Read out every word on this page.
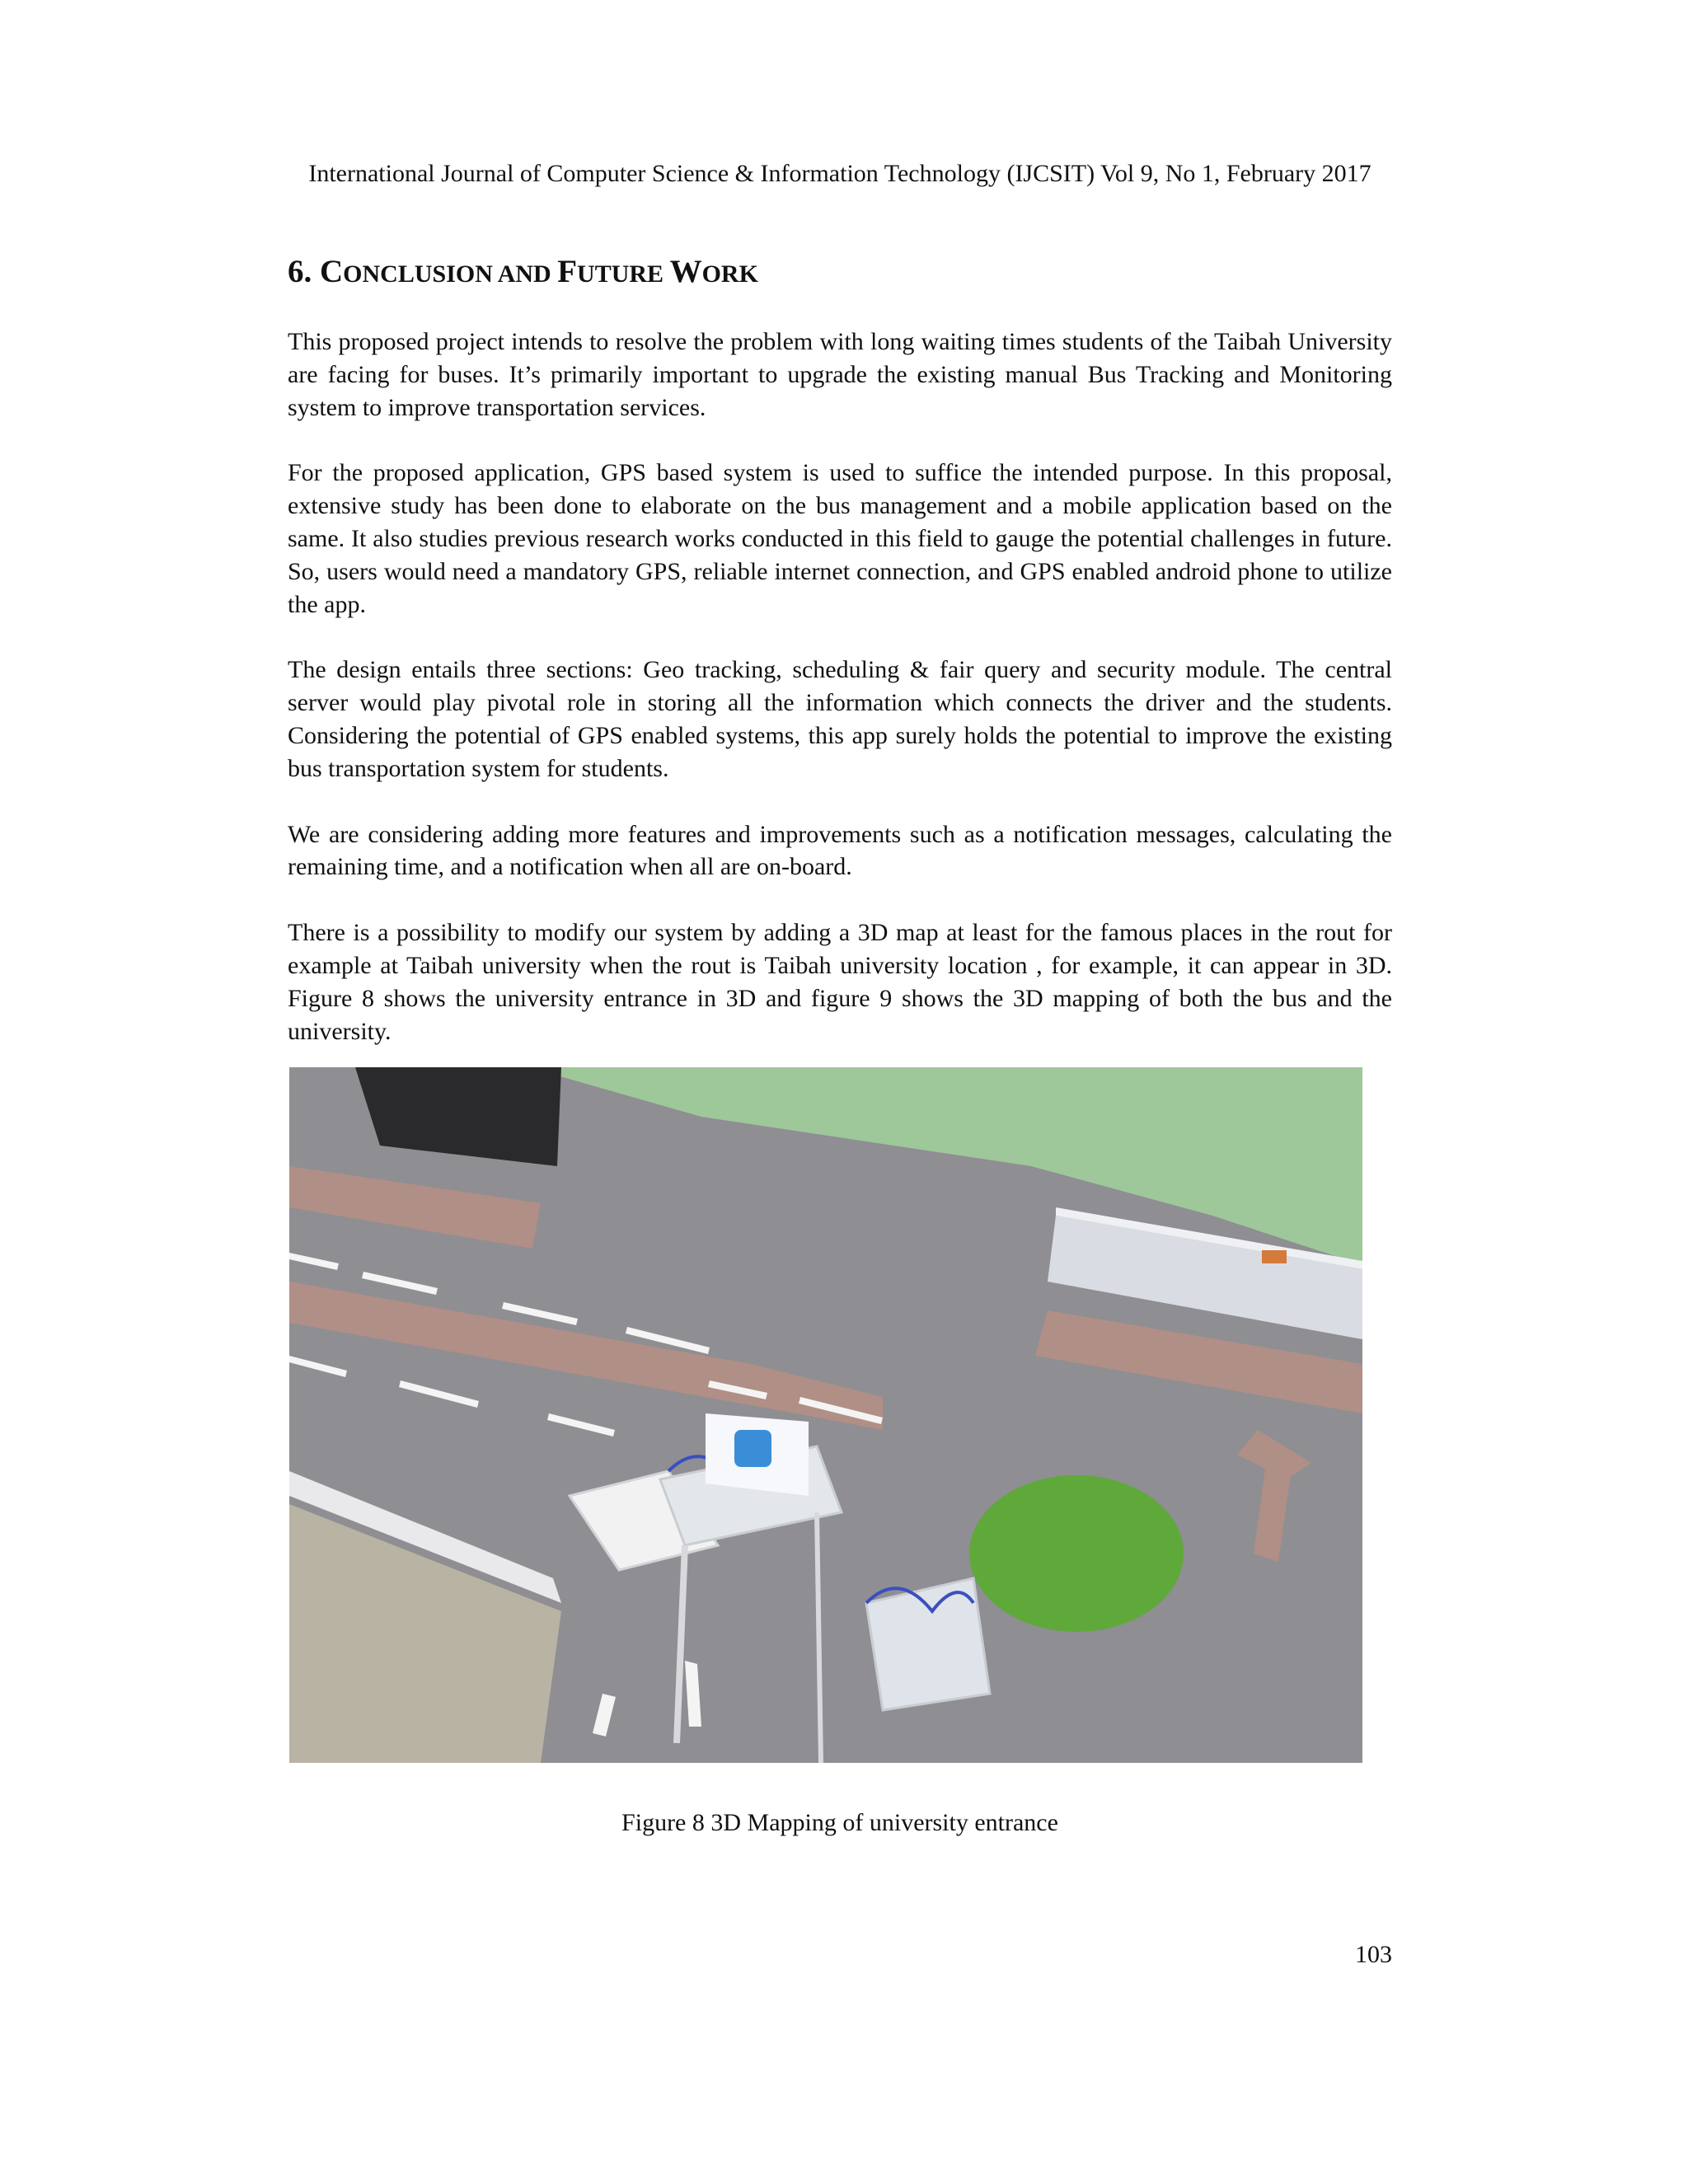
International Journal of Computer Science & Information Technology (IJCSIT) Vol 9, No 1, February 2017
6. CONCLUSION AND FUTURE WORK

This proposed project intends to resolve the problem with long waiting times students of the Taibah University are facing for buses. It’s primarily important to upgrade the existing manual Bus Tracking and Monitoring system to improve transportation services.

For the proposed application, GPS based system is used to suffice the intended purpose. In this proposal, extensive study has been done to elaborate on the bus management and a mobile application based on the same. It also studies previous research works conducted in this field to gauge the potential challenges in future. So, users would need a mandatory GPS, reliable internet connection, and GPS enabled android phone to utilize the app.

The design entails three sections: Geo tracking, scheduling & fair query and security module. The central server would play pivotal role in storing all the information which connects the driver and the students. Considering the potential of GPS enabled systems, this app surely holds the potential to improve the existing bus transportation system for students.

We are considering adding more features and improvements such as a notification messages, calculating the remaining time, and a notification when all are on-board.

There is a possibility to modify our system by adding a 3D map at least for the famous places in the rout for example at Taibah university when the rout is Taibah university location , for example, it can appear in 3D. Figure 8 shows the university entrance in 3D and figure 9 shows the 3D mapping of both the bus and the university.

Figure 8 3D Mapping of university entrance
103
